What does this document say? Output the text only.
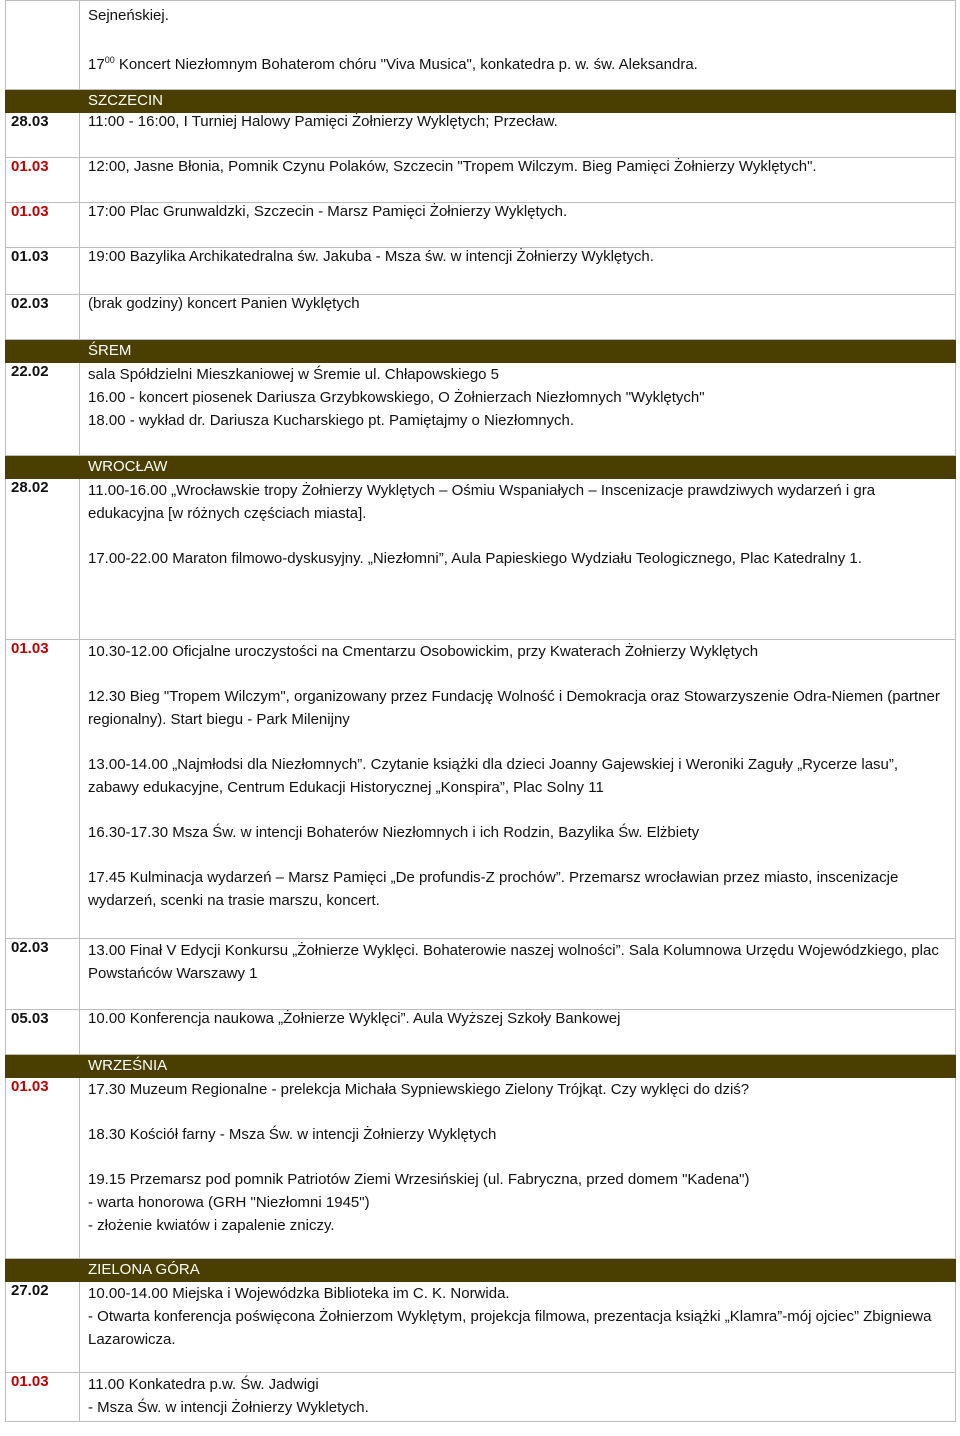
	Sejneńskiej.
$17^{00}$ Koncert Niezłomnym Bohaterom chóru "Viva Musica", konkatedra p. w. św. Aleksandra.

	SZCZECIN
28.03	11:00 - 16:00, I Turniej Halowy Pamięci Żołnierzy Wyklętych; Przecław.
01.03	12:00, Jasne Błonia, Pomnik Czynu Polaków, Szczecin "Tropem Wilczym. Bieg Pamięci Żołnierzy Wyklętych".
01.03	17:00 Plac Grunwaldzki, Szczecin - Marsz Pamięci Żołnierzy Wyklętych.
01.03	19:00 Bazylika Archikatedralna św. Jakuba - Msza św. w intencji Żołnierzy Wyklętych.
02.03	(brak godziny) koncert Panien Wyklętych
	ŚREM
22.02	sala Spółdzielni Mieszkaniowej w Śremie ul. Chłapowskiego 5
16.00 - koncert piosenek Dariusza Grzybkowskiego, O Żołnierzach Niezłomnych "Wyklętych"
18.00 - wykład dr. Dariusza Kucharskiego pt. Pamiętajmy o Niezłomnych.

	WROCŁAW
28.02	11.00-16.00 „Wrocławskie tropy Żołnierzy Wyklętych – Ośmiu Wspaniałych – Inscenizacje prawdziwych wydarzeń i gra edukacyjna [w różnych częściach miasta].

17.00-22.00 Maraton filmowo-dyskusyjny. „Niezłomni”, Aula Papieskiego Wydziału Teologicznego, Plac Katedralny 1.

01.03	10.30-12.00 Oficjalne uroczystości na Cmentarzu Osobowickim, przy Kwaterach Żołnierzy Wyklętych

12.30 Bieg "Tropem Wilczym", organizowany przez Fundację Wolność i Demokracja oraz Stowarzyszenie Odra-Niemen (partner regionalny). Start biegu - Park Milenijny

13.00-14.00 „Najmłodsi dla Niezłomnych”. Czytanie książki dla dzieci Joanny Gajewskiej i Weroniki Zaguły „Rycerze lasu”, zabawy edukacyjne, Centrum Edukacji Historycznej „Konspira”, Plac Solny 11

16.30-17.30 Msza Św. w intencji Bohaterów Niezłomnych i ich Rodzin, Bazylika Św. Elżbiety

17.45 Kulminacja wydarzeń – Marsz Pamięci „De profundis-Z prochów”. Przemarsz wrocławian przez miasto, inscenizacje wydarzeń, scenki na trasie marszu, koncert.

02.03	13.00 Finał V Edycji Konkursu „Żołnierze Wyklęci. Bohaterowie naszej wolności”. Sala Kolumnowa Urzędu Wojewódzkiego, plac Powstańców Warszawy 1

05.03	10.00 Konferencja naukowa „Żołnierze Wyklęci”. Aula Wyższej Szkoły Bankowej
	WRZEŚNIA
01.03	17.30 Muzeum Regionalne - prelekcja Michała Sypniewskiego Zielony Trójkąt. Czy wyklęci do dziś?

18.30 Kościół farny - Msza Św. w intencji Żołnierzy Wyklętych

19.15 Przemarsz pod pomnik Patriotów Ziemi Wrzesińskiej (ul. Fabryczna, przed domem "Kadena")
- warta honorowa (GRH "Niezłomni 1945")
- złożenie kwiatów i zapalenie zniczy.

	ZIELONA GÓRA
27.02	10.00-14.00 Miejska i Wojewódzka Biblioteka im C. K. Norwida.
- Otwarta konferencja poświęcona Żołnierzom Wyklętym, projekcja filmowa, prezentacja książki „Klamra”-mój ojciec” Zbigniewa Lazarowicza.

01.03	11.00 Konkatedra p.w. Św. Jadwigi
- Msza Św. w intencji Żołnierzy Wykletych.
